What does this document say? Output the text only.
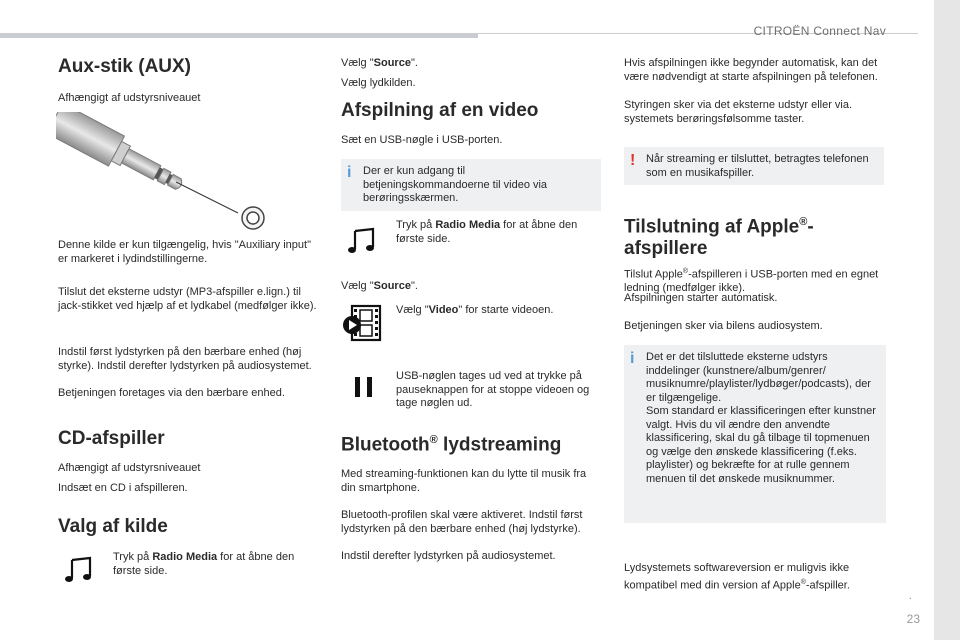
CITROËN Connect Nav
.
23
Aux-stik (AUX)

Afhængigt af udstyrsniveauet

Denne kilde er kun tilgængelig, hvis "Auxiliary input" er markeret i lydindstillingerne.

Tilslut det eksterne udstyr (MP3-afspiller e.lign.) til jack-stikket ved hjælp af et lydkabel (medfølger ikke).

Indstil først lydstyrken på den bærbare enhed (høj styrke). Indstil derefter lydstyrken på audiosystemet.

Betjeningen foretages via den bærbare enhed.

CD-afspiller

Afhængigt af udstyrsniveauet

Indsæt en CD i afspilleren.

Valg af kilde

Tryk på Radio Media for at åbne den første side.

Vælg "Source".

Vælg lydkilden.

Afspilning af en video

Sæt en USB-nøgle i USB-porten.

i Der er kun adgang til betjeningskommandoerne til video via berøringsskærmen.

Tryk på Radio Media for at åbne den første side.

Vælg "Source".

Vælg "Video" for starte videoen.

USB-nøglen tages ud ved at trykke på pauseknappen for at stoppe videoen og tage nøglen ud.

Bluetooth® lydstreaming

Med streaming-funktionen kan du lytte til musik fra din smartphone.

Bluetooth-profilen skal være aktiveret. Indstil først lydstyrken på den bærbare enhed (høj lydstyrke).

Indstil derefter lydstyrken på audiosystemet.

Hvis afspilningen ikke begynder automatisk, kan det være nødvendigt at starte afspilningen på telefonen.

Styringen sker via det eksterne udstyr eller via. systemets berøringsfølsomme taster.

! Når streaming er tilsluttet, betragtes telefonen som en musikafspiller.

Tilslutning af Apple®-
afspillere

Tilslut Apple®-afspilleren i USB-porten med en egnet ledning (medfølger ikke).

Afspilningen starter automatisk.

Betjeningen sker via bilens audiosystem.

i Det er det tilsluttede eksterne udstyrs inddelinger (kunstnere/album/genrer/ musiknumre/playlister/lydbøger/podcasts), der er tilgængelige.

Som standard er klassificeringen efter kunstner valgt. Hvis du vil ændre den anvendte klassificering, skal du gå tilbage til topmenuen og vælge den ønskede klassificering (f.eks. playlister) og bekræfte for at rulle gennem menuen til det ønskede musiknummer.

Lydsystemets softwareversion er muligvis ikke kompatibel med din version af Apple®-afspiller.
